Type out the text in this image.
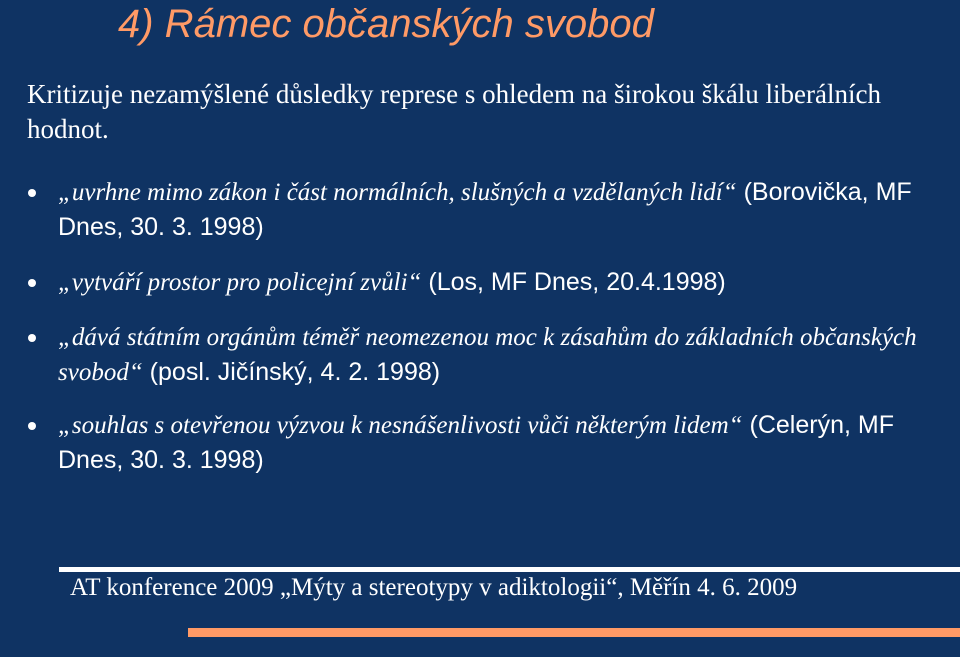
4) Rámec občanských svobod

Kritizuje nezamýšlené důsledky represe s ohledem na širokou škálu liberálních hodnot.

„uvrhne mimo zákon i část normálních, slušných a vzdělaných lidí“ (Borovička, MF Dnes, 30. 3. 1998)
„vytváří prostor pro policejní zvůli“ (Los, MF Dnes, 20.4.1998)
„dává státním orgánům téměř neomezenou moc k zásahům do základních občanských svobod“ (posl. Jičínský, 4. 2. 1998)
„souhlas s otevřenou výzvou k nesnášenlivosti vůči některým lidem“ (Celerýn, MF Dnes, 30. 3. 1998)

AT konference 2009 „Mýty a stereotypy v adiktologii“, Měřín 4. 6. 2009
